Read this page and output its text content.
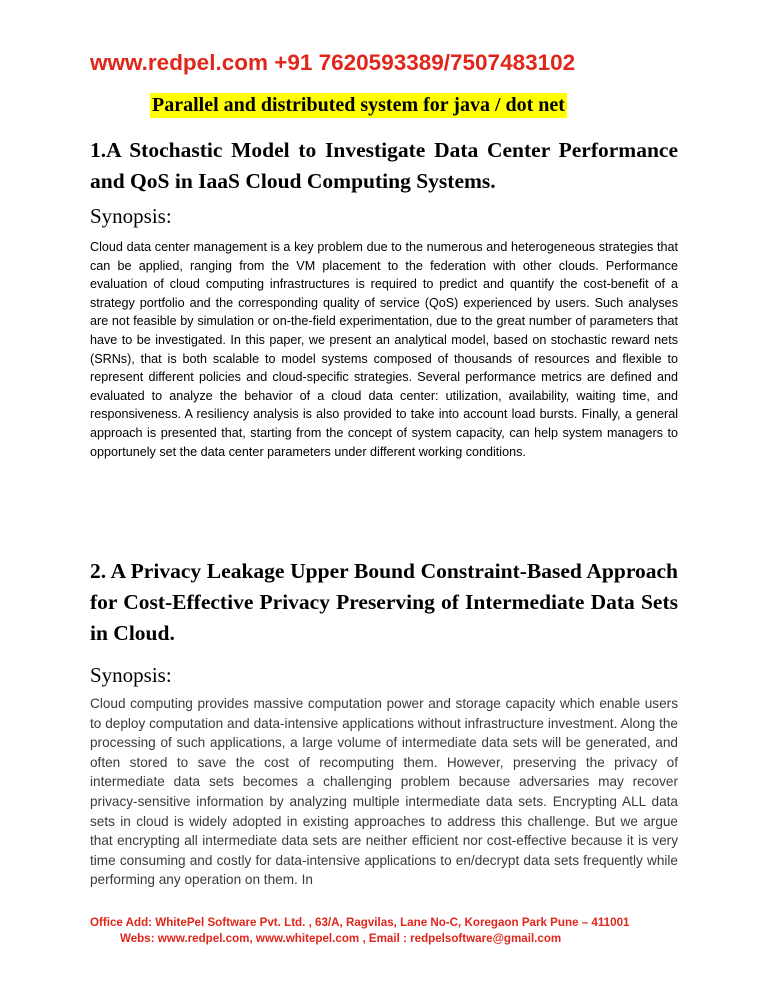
www.redpel.com +91 7620593389/7507483102
Parallel and distributed system for java / dot net

1.A Stochastic Model to Investigate Data Center Performance and QoS in IaaS Cloud Computing Systems.

Synopsis:

Cloud data center management is a key problem due to the numerous and heterogeneous strategies that can be applied, ranging from the VM placement to the federation with other clouds. Performance evaluation of cloud computing infrastructures is required to predict and quantify the cost-benefit of a strategy portfolio and the corresponding quality of service (QoS) experienced by users. Such analyses are not feasible by simulation or on-the-field experimentation, due to the great number of parameters that have to be investigated. In this paper, we present an analytical model, based on stochastic reward nets (SRNs), that is both scalable to model systems composed of thousands of resources and flexible to represent different policies and cloud-specific strategies. Several performance metrics are defined and evaluated to analyze the behavior of a cloud data center: utilization, availability, waiting time, and responsiveness. A resiliency analysis is also provided to take into account load bursts. Finally, a general approach is presented that, starting from the concept of system capacity, can help system managers to opportunely set the data center parameters under different working conditions.

2. A Privacy Leakage Upper Bound Constraint-Based Approach for Cost-Effective Privacy Preserving of Intermediate Data Sets in Cloud.

Synopsis:

Cloud computing provides massive computation power and storage capacity which enable users to deploy computation and data-intensive applications without infrastructure investment. Along the processing of such applications, a large volume of intermediate data sets will be generated, and often stored to save the cost of recomputing them. However, preserving the privacy of intermediate data sets becomes a challenging problem because adversaries may recover privacy-sensitive information by analyzing multiple intermediate data sets. Encrypting ALL data sets in cloud is widely adopted in existing approaches to address this challenge. But we argue that encrypting all intermediate data sets are neither efficient nor cost-effective because it is very time consuming and costly for data-intensive applications to en/decrypt data sets frequently while performing any operation on them. In

Office Add: WhitePel Software Pvt. Ltd. , 63/A, Ragvilas, Lane No-C, Koregaon Park Pune – 411001
Webs: www.redpel.com, www.whitepel.com , Email : redpelsoftware@gmail.com
